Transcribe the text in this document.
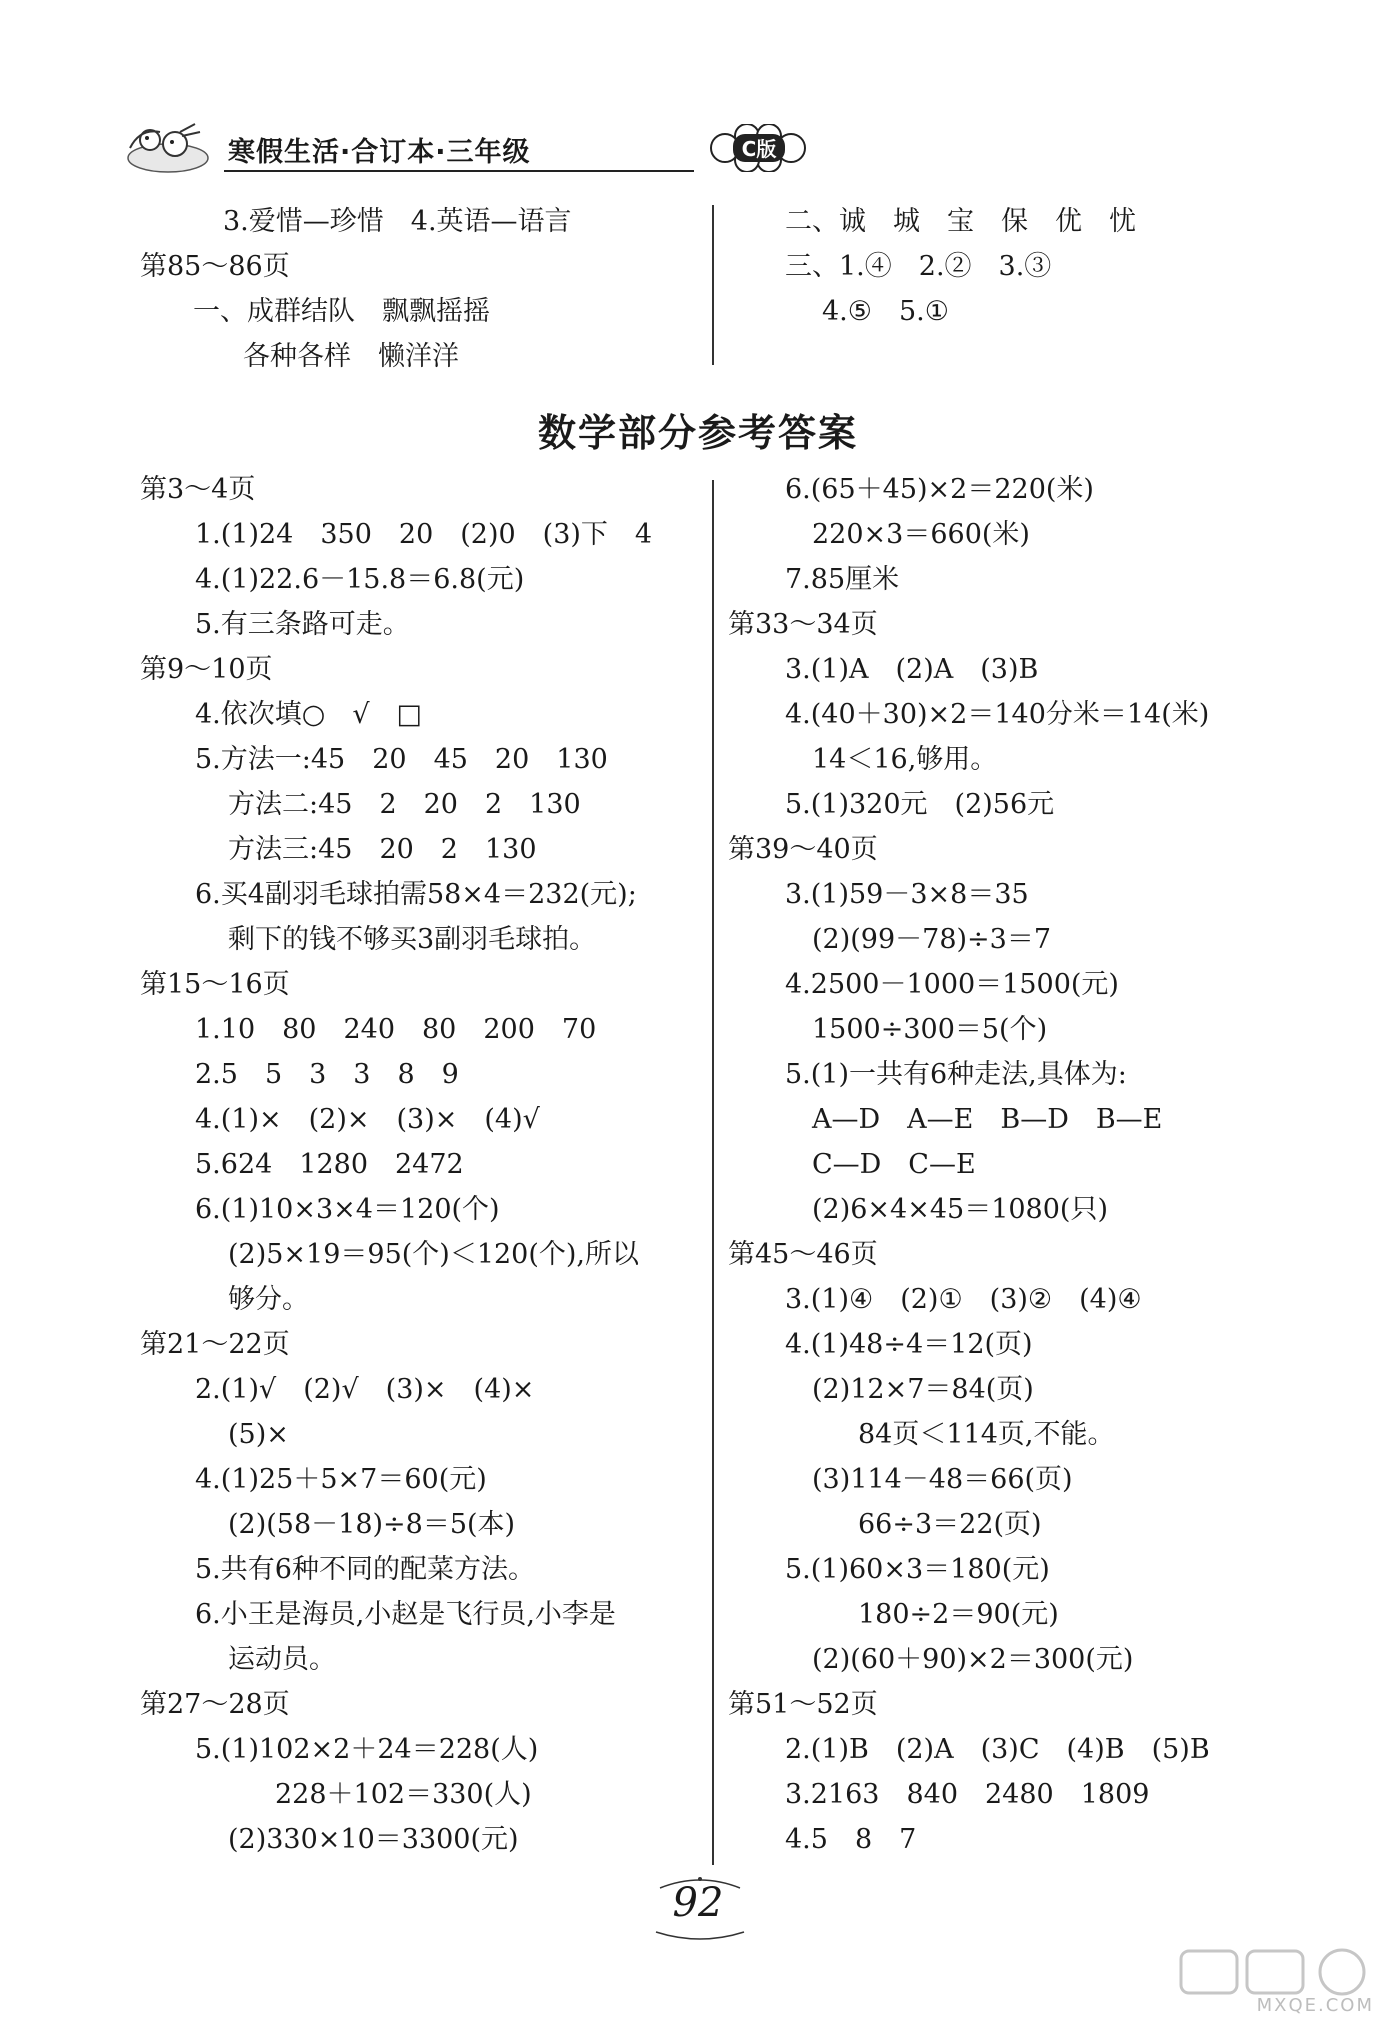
寒假生活·合订本·三年级	C版
3.爱惜—珍惜　4.英语—语言
第85～86页
一、成群结队　飘飘摇摇
各种各样　懒洋洋
二、诚　城　宝　保　优　忧
三、1.④　2.②　3.③
4.⑤　5.①
数学部分参考答案
第3～4页
1.(1)24　350　20　(2)0　(3)下　4
4.(1)22.6－15.8＝6.8(元)
5.有三条路可走。
第9～10页
4.依次填○　√　□
5.方法一:45　20　45　20　130
方法二:45　2　20　2　130
方法三:45　20　2　130
6.买4副羽毛球拍需58×4＝232(元);
剩下的钱不够买3副羽毛球拍。
第15～16页
1.10　80　240　80　200　70
2.5　5　3　3　8　9
4.(1)×　(2)×　(3)×　(4)√
5.624　1280　2472
6.(1)10×3×4＝120(个)
(2)5×19＝95(个)＜120(个),所以
够分。
第21～22页
2.(1)√　(2)√　(3)×　(4)×
(5)×
4.(1)25＋5×7＝60(元)
(2)(58－18)÷8＝5(本)
5.共有6种不同的配菜方法。
6.小王是海员,小赵是飞行员,小李是
运动员。
第27～28页
5.(1)102×2＋24＝228(人)
228＋102＝330(人)
(2)330×10＝3300(元)
6.(65＋45)×2＝220(米)
220×3＝660(米)
7.85厘米
第33～34页
3.(1)A　(2)A　(3)B
4.(40＋30)×2＝140分米＝14(米)
14＜16,够用。
5.(1)320元　(2)56元
第39～40页
3.(1)59－3×8＝35
(2)(99－78)÷3＝7
4.2500－1000＝1500(元)
1500÷300＝5(个)
5.(1)一共有6种走法,具体为:
A—D　A—E　B—D　B—E
C—D　C—E
(2)6×4×45＝1080(只)
第45～46页
3.(1)④　(2)①　(3)②　(4)④
4.(1)48÷4＝12(页)
(2)12×7＝84(页)
84页＜114页,不能。
(3)114－48＝66(页)
66÷3＝22(页)
5.(1)60×3＝180(元)
180÷2＝90(元)
(2)(60＋90)×2＝300(元)
第51～52页
2.(1)B　(2)A　(3)C　(4)B　(5)B
3.2163　840　2480　1809
4.5　8　7
92
MXQE.COM
